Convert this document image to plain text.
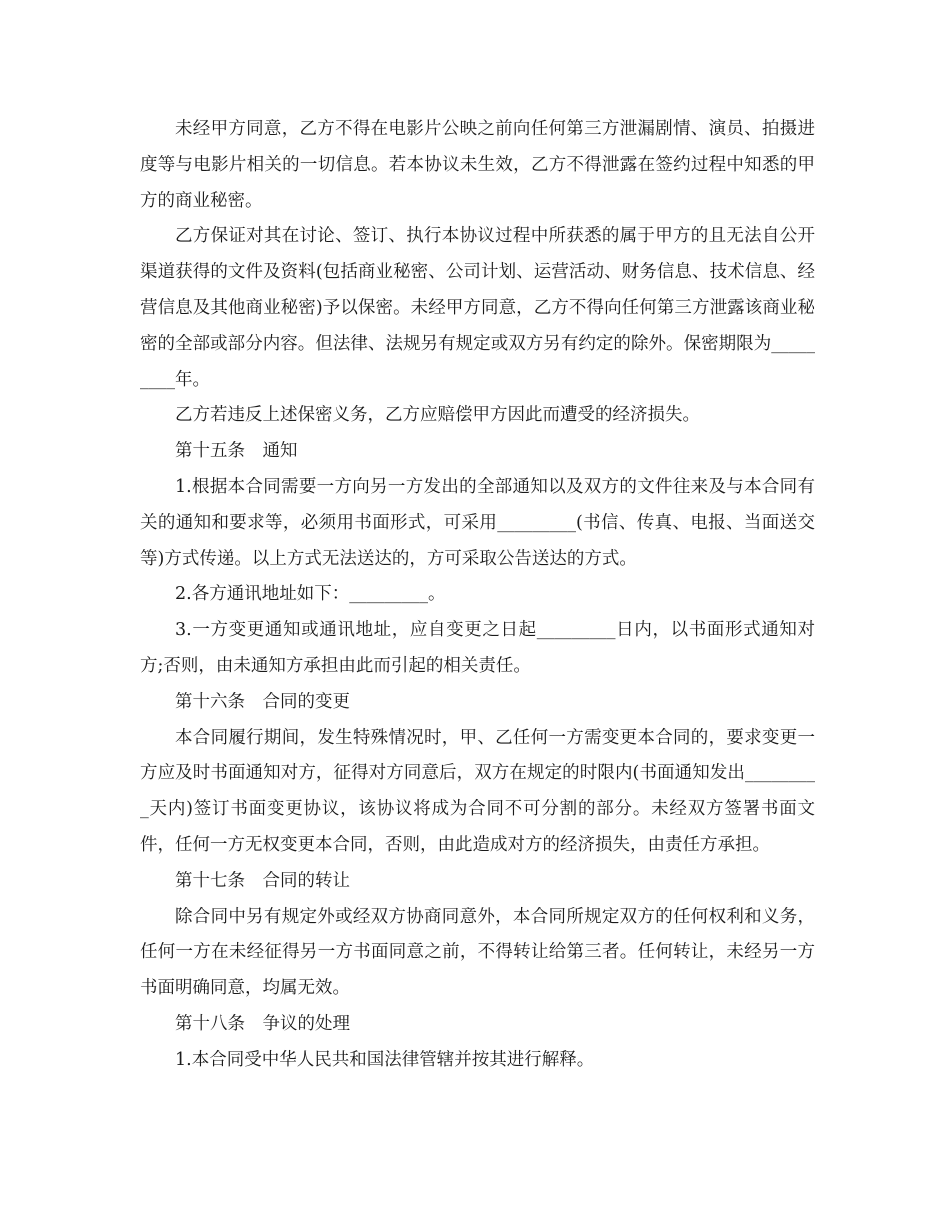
未经甲方同意，乙方不得在电影片公映之前向任何第三方泄漏剧情、演员、拍摄进度等与电影片相关的一切信息。若本协议未生效，乙方不得泄露在签约过程中知悉的甲方的商业秘密。

乙方保证对其在讨论、签订、执行本协议过程中所获悉的属于甲方的且无法自公开渠道获得的文件及资料(包括商业秘密、公司计划、运营活动、财务信息、技术信息、经营信息及其他商业秘密)予以保密。未经甲方同意，乙方不得向任何第三方泄露该商业秘密的全部或部分内容。但法律、法规另有规定或双方另有约定的除外。保密期限为_________年。

乙方若违反上述保密义务，乙方应赔偿甲方因此而遭受的经济损失。

第十五条　通知

1.根据本合同需要一方向另一方发出的全部通知以及双方的文件往来及与本合同有关的通知和要求等，必须用书面形式，可采用_________(书信、传真、电报、当面送交等)方式传递。以上方式无法送达的，方可采取公告送达的方式。

2.各方通讯地址如下：_________。

3.一方变更通知或通讯地址，应自变更之日起_________日内，以书面形式通知对方;否则，由未通知方承担由此而引起的相关责任。

第十六条　合同的变更

本合同履行期间，发生特殊情况时，甲、乙任何一方需变更本合同的，要求变更一方应及时书面通知对方，征得对方同意后，双方在规定的时限内(书面通知发出_________天内)签订书面变更协议，该协议将成为合同不可分割的部分。未经双方签署书面文件，任何一方无权变更本合同，否则，由此造成对方的经济损失，由责任方承担。

第十七条　合同的转让

除合同中另有规定外或经双方协商同意外，本合同所规定双方的任何权利和义务，任何一方在未经征得另一方书面同意之前，不得转让给第三者。任何转让，未经另一方书面明确同意，均属无效。

第十八条　争议的处理

1.本合同受中华人民共和国法律管辖并按其进行解释。
